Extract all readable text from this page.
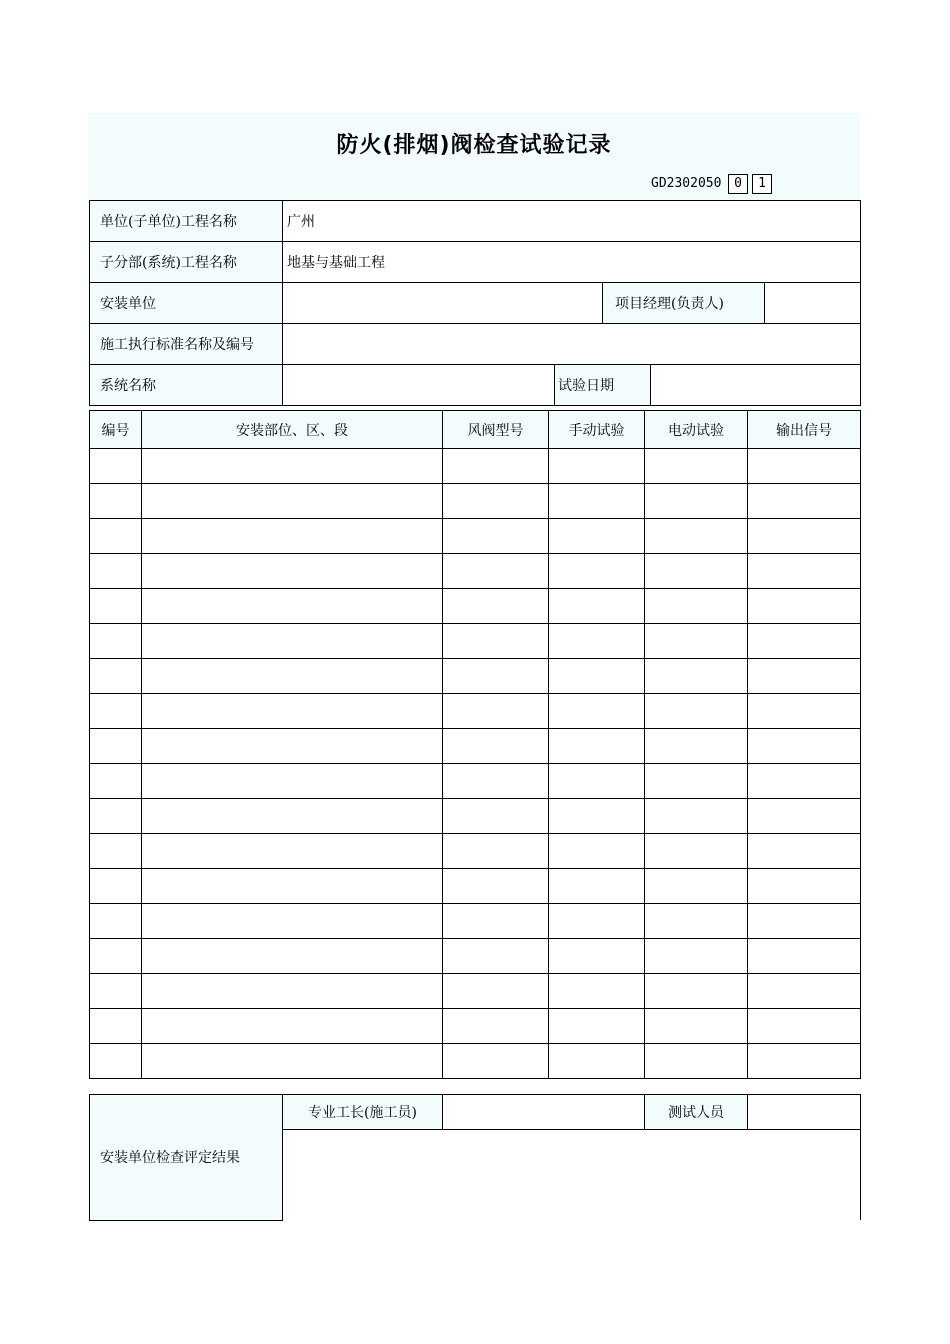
防火(排烟)阀检查试验记录
GD2302050 0	1
单位(子单位)工程名称	广州				
子分部(系统)工程名称	地基与基础工程				
安装单位			项目经理(负责人)		
施工执行标准名称及编号					
系统名称		试验日期			
编号	安装部位、区、段	风阀型号	手动试验	电动试验	输出信号

安装单位检查评定结果	专业工长(施工员)		测试人员	
